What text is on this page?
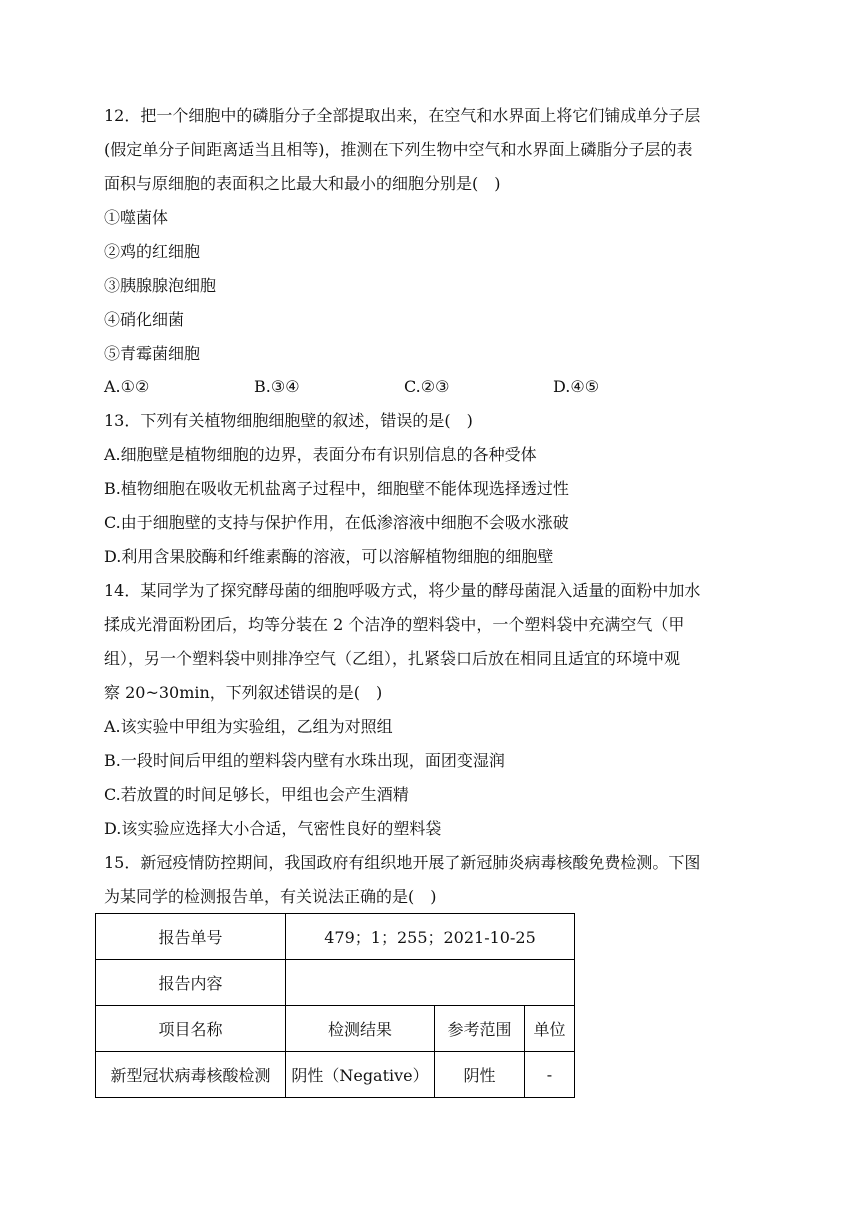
12．把一个细胞中的磷脂分子全部提取出来，在空气和水界面上将它们铺成单分子层
(假定单分子间距离适当且相等)，推测在下列生物中空气和水界面上磷脂分子层的表
面积与原细胞的表面积之比最大和最小的细胞分别是(　)
①噬菌体
②鸡的红细胞
③胰腺腺泡细胞
④硝化细菌
⑤青霉菌细胞
A.①②	B.③④	C.②③	D.④⑤
13．下列有关植物细胞细胞壁的叙述，错误的是(　)
A.细胞壁是植物细胞的边界，表面分布有识别信息的各种受体
B.植物细胞在吸收无机盐离子过程中，细胞壁不能体现选择透过性
C.由于细胞壁的支持与保护作用，在低渗溶液中细胞不会吸水涨破
D.利用含果胶酶和纤维素酶的溶液，可以溶解植物细胞的细胞壁
14．某同学为了探究酵母菌的细胞呼吸方式，将少量的酵母菌混入适量的面粉中加水
揉成光滑面粉团后，均等分装在 2 个洁净的塑料袋中，一个塑料袋中充满空气（甲
组），另一个塑料袋中则排净空气（乙组），扎紧袋口后放在相同且适宜的环境中观
察 20~30min，下列叙述错误的是(　)
A.该实验中甲组为实验组，乙组为对照组
B.一段时间后甲组的塑料袋内壁有水珠出现，面团变湿润
C.若放置的时间足够长，甲组也会产生酒精
D.该实验应选择大小合适，气密性良好的塑料袋
15．新冠疫情防控期间，我国政府有组织地开展了新冠肺炎病毒核酸免费检测。下图
为某同学的检测报告单，有关说法正确的是(　)
报告单号	479；1；255；2021-10-25		
报告内容			
项目名称	检测结果	参考范围	单位
新型冠状病毒核酸检测	阴性（Negative）	阴性	-
